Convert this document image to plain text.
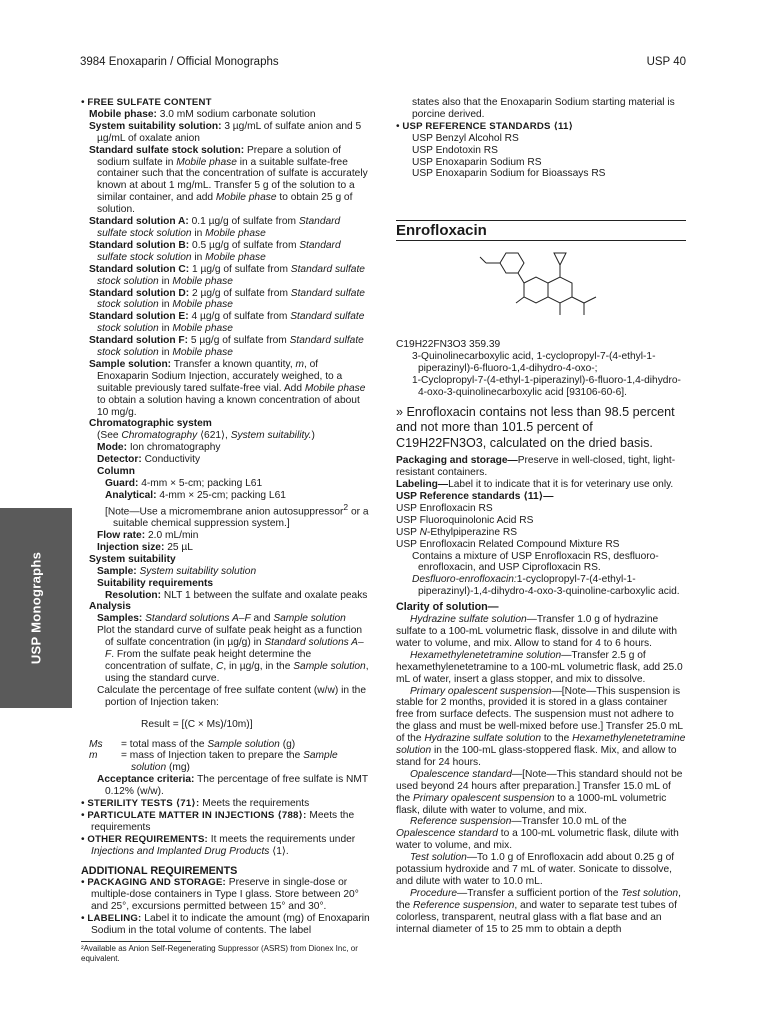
3984 Enoxaparin / Official Monographs	USP 40
USP Monographs

• FREE SULFATE CONTENT

Mobile phase: 3.0 mM sodium carbonate solution

System suitability solution: 3 µg/mL of sulfate anion and 5 µg/mL of oxalate anion

Standard sulfate stock solution: Prepare a solution of sodium sulfate in Mobile phase in a suitable sulfate-free container such that the concentration of sulfate is accurately known at about 1 mg/mL. Transfer 5 g of the solution to a similar container, and add Mobile phase to obtain 25 g of solution.

Standard solution A: 0.1 µg/g of sulfate from Standard sulfate stock solution in Mobile phase

Standard solution B: 0.5 µg/g of sulfate from Standard sulfate stock solution in Mobile phase

Standard solution C: 1 µg/g of sulfate from Standard sulfate stock solution in Mobile phase

Standard solution D: 2 µg/g of sulfate from Standard sulfate stock solution in Mobile phase

Standard solution E: 4 µg/g of sulfate from Standard sulfate stock solution in Mobile phase

Standard solution F: 5 µg/g of sulfate from Standard sulfate stock solution in Mobile phase

Sample solution: Transfer a known quantity, m, of Enoxaparin Sodium Injection, accurately weighed, to a suitable previously tared sulfate-free vial. Add Mobile phase to obtain a solution having a known concentration of about 10 mg/g.

Chromatographic system

(See Chromatography ⟨621⟩, System suitability.)

Mode: Ion chromatography

Detector: Conductivity

Column

Guard: 4-mm × 5-cm; packing L61

Analytical: 4-mm × 25-cm; packing L61

[Note—Use a micromembrane anion autosuppressor$^2$ or a suitable chemical suppression system.]

Flow rate: 2.0 mL/min

Injection size: 25 µL

System suitability

Sample: System suitability solution

Suitability requirements

Resolution: NLT 1 between the sulfate and oxalate peaks

Analysis

Samples: Standard solutions A–F and Sample solution

Plot the standard curve of sulfate peak height as a function of sulfate concentration (in µg/g) in Standard solutions A–F. From the sulfate peak height determine the concentration of sulfate, C, in µg/g, in the Sample solution, using the standard curve.

Calculate the percentage of free sulfate content (w/w) in the portion of Injection taken:

Result = [(C × Ms)/10m)]

Ms	= total mass of the Sample solution (g)
m	= mass of Injection taken to prepare the Sample solution (mg)

Acceptance criteria: The percentage of free sulfate is NMT 0.12% (w/w).

• STERILITY TESTS ⟨71⟩: Meets the requirements

• PARTICULATE MATTER IN INJECTIONS ⟨788⟩: Meets the requirements

• OTHER REQUIREMENTS: It meets the requirements under Injections and Implanted Drug Products ⟨1⟩.

ADDITIONAL REQUIREMENTS

• PACKAGING AND STORAGE: Preserve in single-dose or multiple-dose containers in Type I glass. Store between 20° and 25°, excursions permitted between 15° and 30°.

• LABELING: Label it to indicate the amount (mg) of Enoxaparin Sodium in the total volume of contents. The label

²Available as Anion Self-Regenerating Suppressor (ASRS) from Dionex Inc, or equivalent.

states also that the Enoxaparin Sodium starting material is porcine derived.

• USP REFERENCE STANDARDS ⟨11⟩

USP Benzyl Alcohol RS

USP Endotoxin RS

USP Enoxaparin Sodium RS

USP Enoxaparin Sodium for Bioassays RS

Enrofloxacin

C19H22FN3O3 359.39

3-Quinolinecarboxylic acid, 1-cyclopropyl-7-(4-ethyl-1-piperazinyl)-6-fluoro-1,4-dihydro-4-oxo-;

1-Cyclopropyl-7-(4-ethyl-1-piperazinyl)-6-fluoro-1,4-dihydro-4-oxo-3-quinolinecarboxylic acid [93106-60-6].

» Enrofloxacin contains not less than 98.5 percent and not more than 101.5 percent of C19H22FN3O3, calculated on the dried basis.

Packaging and storage—Preserve in well-closed, tight, light-resistant containers.

Labeling—Label it to indicate that it is for veterinary use only.

USP Reference standards ⟨11⟩—

USP Enrofloxacin RS

USP Fluoroquinolonic Acid RS

USP N-Ethylpiperazine RS

USP Enrofloxacin Related Compound Mixture RS

Contains a mixture of USP Enrofloxacin RS, desfluoro-enrofloxacin, and USP Ciprofloxacin RS.

Desfluoro-enrofloxacin:1-cyclopropyl-7-(4-ethyl-1-piperazinyl)-1,4-dihydro-4-oxo-3-quinoline-carboxylic acid.

Clarity of solution—

Hydrazine sulfate solution—Transfer 1.0 g of hydrazine sulfate to a 100-mL volumetric flask, dissolve in and dilute with water to volume, and mix. Allow to stand for 4 to 6 hours.

Hexamethylenetetramine solution—Transfer 2.5 g of hexamethylenetetramine to a 100-mL volumetric flask, add 25.0 mL of water, insert a glass stopper, and mix to dissolve.

Primary opalescent suspension—[Note—This suspension is stable for 2 months, provided it is stored in a glass container free from surface defects. The suspension must not adhere to the glass and must be well-mixed before use.] Transfer 25.0 mL of the Hydrazine sulfate solution to the Hexamethylenetetramine solution in the 100-mL glass-stoppered flask. Mix, and allow to stand for 24 hours.

Opalescence standard—[Note—This standard should not be used beyond 24 hours after preparation.] Transfer 15.0 mL of the Primary opalescent suspension to a 1000-mL volumetric flask, dilute with water to volume, and mix.

Reference suspension—Transfer 10.0 mL of the Opalescence standard to a 100-mL volumetric flask, dilute with water to volume, and mix.

Test solution—To 1.0 g of Enrofloxacin add about 0.25 g of potassium hydroxide and 7 mL of water. Sonicate to dissolve, and dilute with water to 10.0 mL.

Procedure—Transfer a sufficient portion of the Test solution, the Reference suspension, and water to separate test tubes of colorless, transparent, neutral glass with a flat base and an internal diameter of 15 to 25 mm to obtain a depth
